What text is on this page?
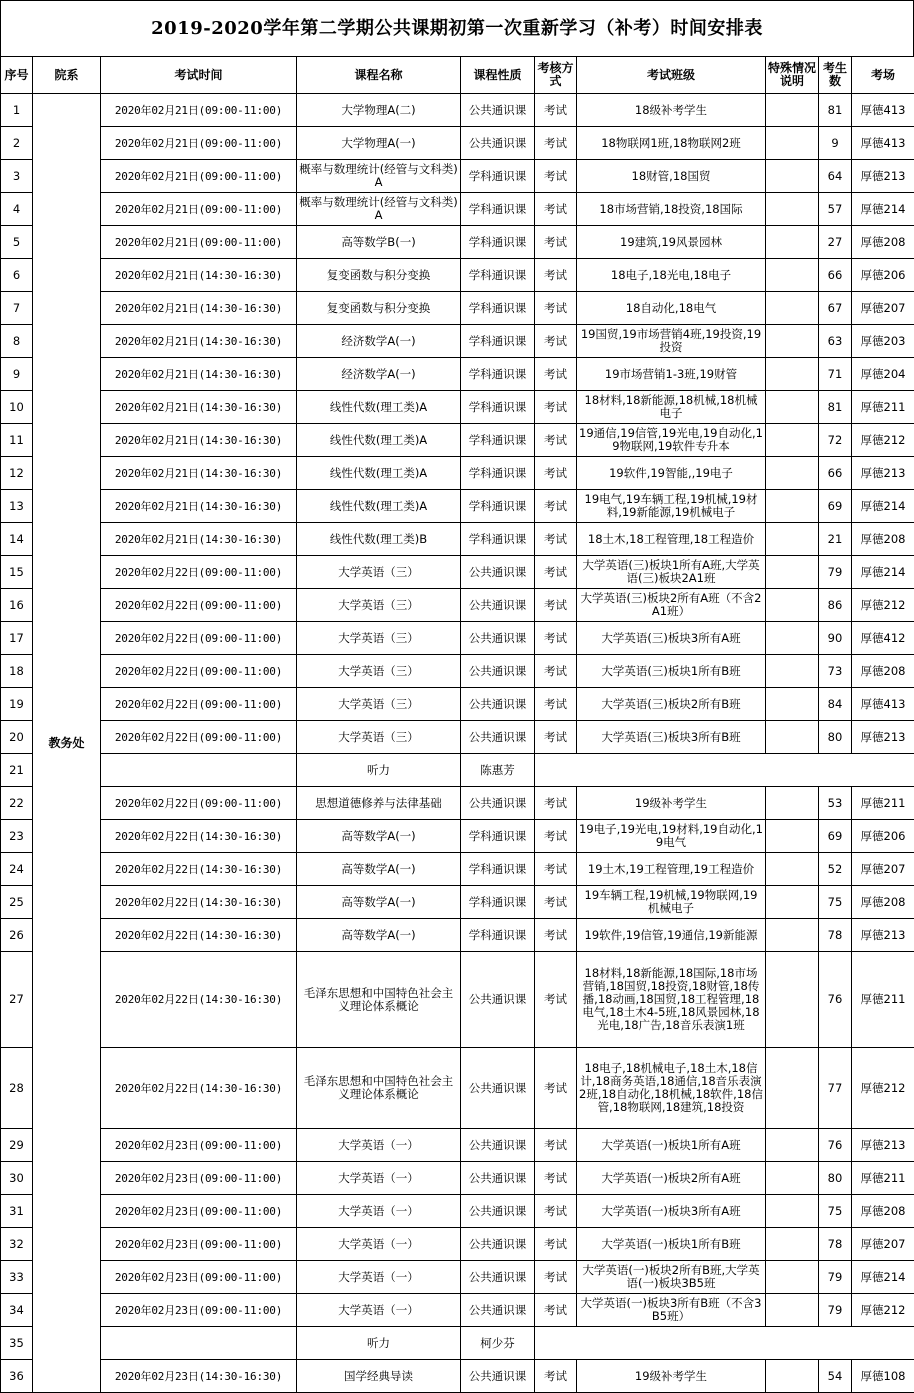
2019-2020学年第二学期公共课期初第一次重新学习（补考）时间安排表
序号	院系	考试时间	课程名称	课程性质	考核方式	考试班级	特殊情况说明	考生数	考场
1	教务处	2020年02月21日(09:00-11:00)	大学物理A(二)	公共通识课	考试	18级补考学生		81	厚德413
2		2020年02月21日(09:00-11:00)	大学物理A(一)	公共通识课	考试	18物联网1班,18物联网2班		9	厚德413
3		2020年02月21日(09:00-11:00)	概率与数理统计(经管与文科类)A	学科通识课	考试	18财管,18国贸		64	厚德213
4		2020年02月21日(09:00-11:00)	概率与数理统计(经管与文科类)A	学科通识课	考试	18市场营销,18投资,18国际		57	厚德214
5		2020年02月21日(09:00-11:00)	高等数学B(一)	学科通识课	考试	19建筑,19风景园林		27	厚德208
6		2020年02月21日(14:30-16:30)	复变函数与积分变换	学科通识课	考试	18电子,18光电,18电子		66	厚德206
7		2020年02月21日(14:30-16:30)	复变函数与积分变换	学科通识课	考试	18自动化,18电气		67	厚德207
8		2020年02月21日(14:30-16:30)	经济数学A(一)	学科通识课	考试	19国贸,19市场营销4班,19投资,19投资		63	厚德203
9		2020年02月21日(14:30-16:30)	经济数学A(一)	学科通识课	考试	19市场营销1-3班,19财管		71	厚德204
10		2020年02月21日(14:30-16:30)	线性代数(理工类)A	学科通识课	考试	18材料,18新能源,18机械,18机械电子		81	厚德211
11		2020年02月21日(14:30-16:30)	线性代数(理工类)A	学科通识课	考试	19通信,19信管,19光电,19自动化,19物联网,19软件专升本		72	厚德212
12		2020年02月21日(14:30-16:30)	线性代数(理工类)A	学科通识课	考试	19软件,19智能,,19电子		66	厚德213
13		2020年02月21日(14:30-16:30)	线性代数(理工类)A	学科通识课	考试	19电气,19车辆工程,19机械,19材料,19新能源,19机械电子		69	厚德214
14		2020年02月21日(14:30-16:30)	线性代数(理工类)B	学科通识课	考试	18土木,18工程管理,18工程造价		21	厚德208
15		2020年02月22日(09:00-11:00)	大学英语（三）	公共通识课	考试	大学英语(三)板块1所有A班,大学英语(三)板块2A1班		79	厚德214
16		2020年02月22日(09:00-11:00)	大学英语（三）	公共通识课	考试	大学英语(三)板块2所有A班（不含2A1班）		86	厚德212
17		2020年02月22日(09:00-11:00)	大学英语（三）	公共通识课	考试	大学英语(三)板块3所有A班		90	厚德412
18		2020年02月22日(09:00-11:00)	大学英语（三）	公共通识课	考试	大学英语(三)板块1所有B班		73	厚德208
19		2020年02月22日(09:00-11:00)	大学英语（三）	公共通识课	考试	大学英语(三)板块2所有B班		84	厚德413
20		2020年02月22日(09:00-11:00)	大学英语（三）	公共通识课	考试	大学英语(三)板块3所有B班		80	厚德213
21			听力	陈惠芳					
22		2020年02月22日(09:00-11:00)	思想道德修养与法律基础	公共通识课	考试	19级补考学生		53	厚德211
23		2020年02月22日(14:30-16:30)	高等数学A(一)	学科通识课	考试	19电子,19光电,19材料,19自动化,19电气		69	厚德206
24		2020年02月22日(14:30-16:30)	高等数学A(一)	学科通识课	考试	19土木,19工程管理,19工程造价		52	厚德207
25		2020年02月22日(14:30-16:30)	高等数学A(一)	学科通识课	考试	19车辆工程,19机械,19物联网,19机械电子		75	厚德208
26		2020年02月22日(14:30-16:30)	高等数学A(一)	学科通识课	考试	19软件,19信管,19通信,19新能源		78	厚德213
27		2020年02月22日(14:30-16:30)	毛泽东思想和中国特色社会主义理论体系概论	公共通识课	考试	18材料,18新能源,18国际,18市场营销,18国贸,18投资,18财管,18传播,18动画,18国贸,18工程管理,18电气,18土木4-5班,18风景园林,18光电,18广告,18音乐表演1班		76	厚德211
28		2020年02月22日(14:30-16:30)	毛泽东思想和中国特色社会主义理论体系概论	公共通识课	考试	18电子,18机械电子,18土木,18信计,18商务英语,18通信,18音乐表演2班,18自动化,18机械,18软件,18信管,18物联网,18建筑,18投资		77	厚德212
29		2020年02月23日(09:00-11:00)	大学英语（一）	公共通识课	考试	大学英语(一)板块1所有A班		76	厚德213
30		2020年02月23日(09:00-11:00)	大学英语（一）	公共通识课	考试	大学英语(一)板块2所有A班		80	厚德211
31		2020年02月23日(09:00-11:00)	大学英语（一）	公共通识课	考试	大学英语(一)板块3所有A班		75	厚德208
32		2020年02月23日(09:00-11:00)	大学英语（一）	公共通识课	考试	大学英语(一)板块1所有B班		78	厚德207
33		2020年02月23日(09:00-11:00)	大学英语（一）	公共通识课	考试	大学英语(一)板块2所有B班,大学英语(一)板块3B5班		79	厚德214
34		2020年02月23日(09:00-11:00)	大学英语（一）	公共通识课	考试	大学英语(一)板块3所有B班（不含3B5班）		79	厚德212
35			听力	柯少芬					
36		2020年02月23日(14:30-16:30)	国学经典导读	公共通识课	考试	19级补考学生		54	厚德108
